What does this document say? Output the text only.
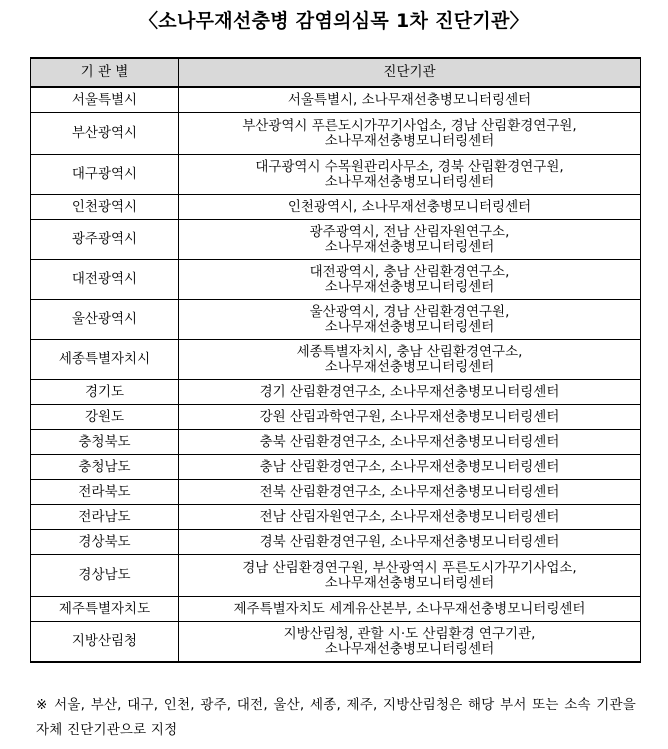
〈소나무재선충병 감염의심목 1차 진단기관〉
기 관 별	진단기관
서울특별시	서울특별시, 소나무재선충병모니터링센터

부산광역시	부산광역시 푸른도시가꾸기사업소, 경남 산림환경연구원,
소나무재선충병모니터링센터

대구광역시	대구광역시 수목원관리사무소, 경북 산림환경연구원,
소나무재선충병모니터링센터

인천광역시	인천광역시, 소나무재선충병모니터링센터

광주광역시	광주광역시, 전남 산림자원연구소,
소나무재선충병모니터링센터

대전광역시	대전광역시, 충남 산림환경연구소,
소나무재선충병모니터링센터

울산광역시	울산광역시, 경남 산림환경연구원,
소나무재선충병모니터링센터

세종특별자치시	세종특별자치시, 충남 산림환경연구소,
소나무재선충병모니터링센터

경기도	경기 산림환경연구소, 소나무재선충병모니터링센터

강원도	강원 산림과학연구원, 소나무재선충병모니터링센터

충청북도	충북 산림환경연구소, 소나무재선충병모니터링센터

충청남도	충남 산림환경연구소, 소나무재선충병모니터링센터

전라북도	전북 산림환경연구소, 소나무재선충병모니터링센터

전라남도	전남 산림자원연구소, 소나무재선충병모니터링센터

경상북도	경북 산림환경연구원, 소나무재선충병모니터링센터

경상남도	경남 산림환경연구원, 부산광역시 푸른도시가꾸기사업소,
소나무재선충병모니터링센터

제주특별자치도	제주특별자치도 세계유산본부, 소나무재선충병모니터링센터

지방산림청	지방산림청, 관할 시·도 산림환경 연구기관,
소나무재선충병모니터링센터
※ 서울, 부산, 대구, 인천, 광주, 대전, 울산, 세종, 제주, 지방산림청은 해당 부서 또는 소속 기관을 자체 진단기관으로 지정
